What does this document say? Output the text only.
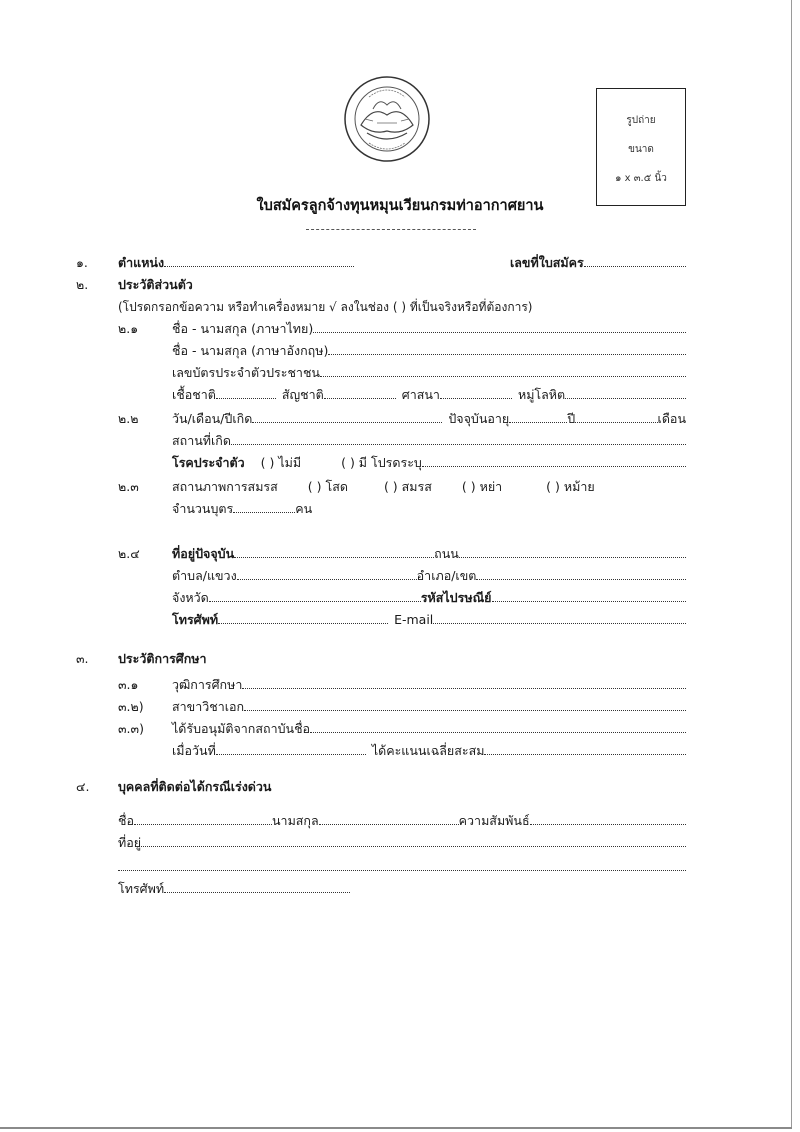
รูปถ่าย
ขนาด
๑ x ๓.๕ นิ้ว
ใบสมัครลูกจ้างทุนหมุนเวียนกรมท่าอากาศยาน
๑. ตำแหน่ง	เลขที่ใบสมัคร
๒. ประวัติส่วนตัว
(โปรดกรอกข้อความ หรือทำเครื่องหมาย √ ลงในช่อง ( ) ที่เป็นจริงหรือที่ต้องการ)
๒.๑	ชื่อ - นามสกุล (ภาษาไทย)
ชื่อ - นามสกุล (ภาษาอังกฤษ)
เลขบัตรประจำตัวประชาชน
เชื้อชาติ	สัญชาติ	ศาสนา	หมู่โลหิต
๒.๒	วัน/เดือน/ปีเกิด	ปัจจุบันอายุ	ปี	เดือน
สถานที่เกิด
โรคประจำตัว ( ) ไม่มี	( ) มี โปรดระบุ
๒.๓	สถานภาพการสมรส ( ) โสด	( ) สมรส ( ) หย่า	( ) หม้าย
จำนวนบุตร	คน
๒.๔	ที่อยู่ปัจจุบัน	ถนน
ตำบล/แขวง	อำเภอ/เขต
จังหวัด	รหัสไปรษณีย์
โทรศัพท์	E-mail
๓. ประวัติการศึกษา
๓.๑	วุฒิการศึกษา
๓.๒) สาขาวิชาเอก
๓.๓) ได้รับอนุมัติจากสถาบันชื่อ
เมื่อวันที่	ได้คะแนนเฉลี่ยสะสม
๔. บุคคลที่ติดต่อได้กรณีเร่งด่วน
ชื่อ	นามสกุล	ความสัมพันธ์
ที่อยู่
โทรศัพท์
